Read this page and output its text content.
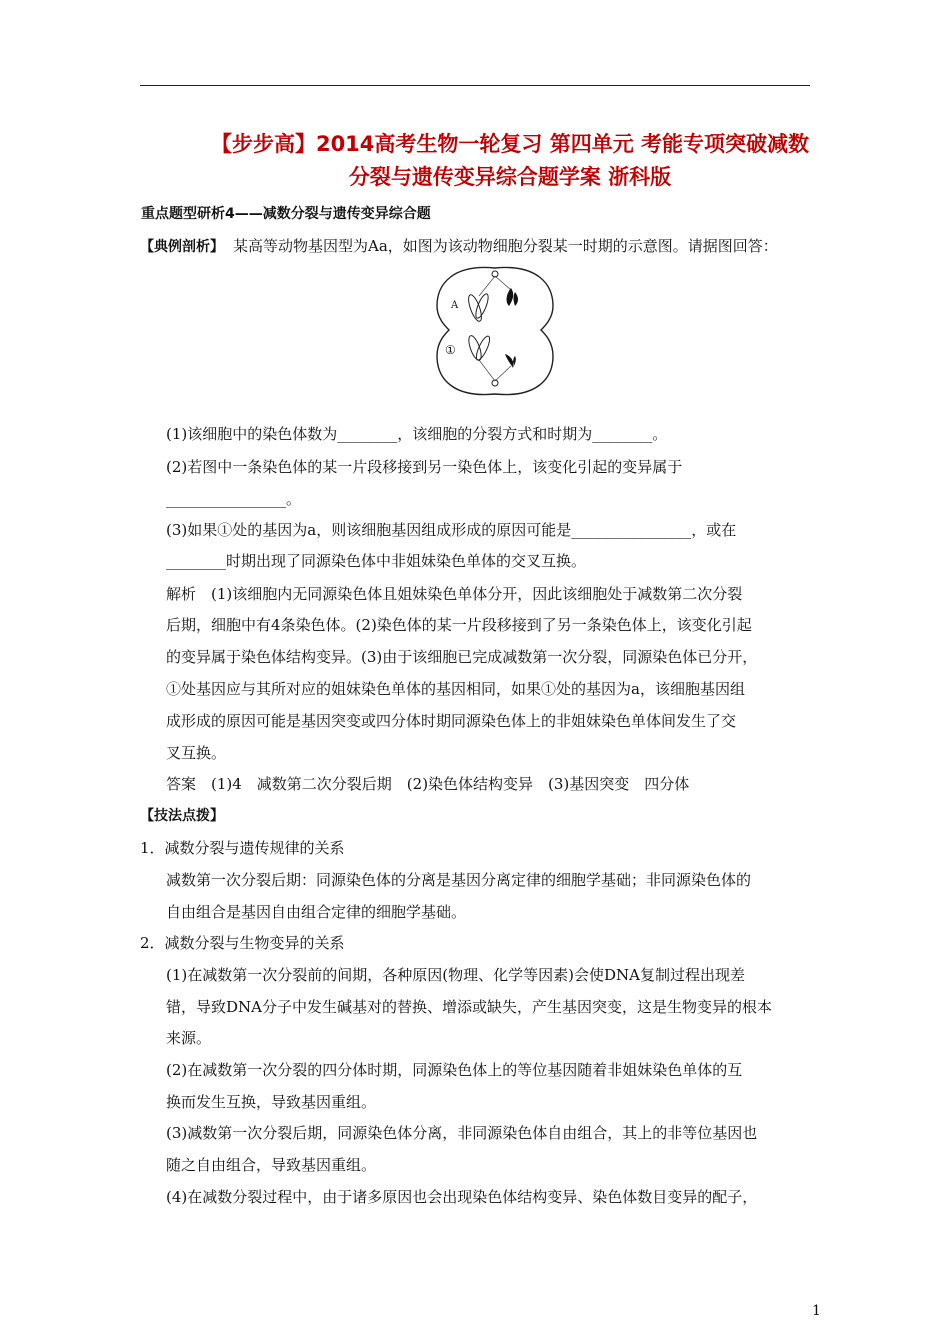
【步步高】2014高考生物一轮复习 第四单元 考能专项突破减数
分裂与遗传变异综合题学案 浙科版
重点题型研析4——减数分裂与遗传变异综合题
【典例剖析】 某高等动物基因型为Aa，如图为该动物细胞分裂某一时期的示意图。请据图回答：
A
①
(1)该细胞中的染色体数为________，该细胞的分裂方式和时期为________。
(2)若图中一条染色体的某一片段移接到另一染色体上，该变化引起的变异属于
________________。
(3)如果①处的基因为a，则该细胞基因组成形成的原因可能是________________，或在
________时期出现了同源染色体中非姐妹染色单体的交叉互换。
解析　(1)该细胞内无同源染色体且姐妹染色单体分开，因此该细胞处于减数第二次分裂
后期，细胞中有4条染色体。(2)染色体的某一片段移接到了另一条染色体上，该变化引起
的变异属于染色体结构变异。(3)由于该细胞已完成减数第一次分裂，同源染色体已分开，
①处基因应与其所对应的姐妹染色单体的基因相同，如果①处的基因为a，该细胞基因组
成形成的原因可能是基因突变或四分体时期同源染色体上的非姐妹染色单体间发生了交
叉互换。
答案　(1)4　减数第二次分裂后期　(2)染色体结构变异　(3)基因突变　四分体
【技法点拨】
1．减数分裂与遗传规律的关系
减数第一次分裂后期：同源染色体的分离是基因分离定律的细胞学基础；非同源染色体的
自由组合是基因自由组合定律的细胞学基础。
2．减数分裂与生物变异的关系
(1)在减数第一次分裂前的间期，各种原因(物理、化学等因素)会使DNA复制过程出现差
错，导致DNA分子中发生碱基对的替换、增添或缺失，产生基因突变，这是生物变异的根本
来源。
(2)在减数第一次分裂的四分体时期，同源染色体上的等位基因随着非姐妹染色单体的互
换而发生互换，导致基因重组。
(3)减数第一次分裂后期，同源染色体分离，非同源染色体自由组合，其上的非等位基因也
随之自由组合，导致基因重组。
(4)在减数分裂过程中，由于诸多原因也会出现染色体结构变异、染色体数目变异的配子，
1
